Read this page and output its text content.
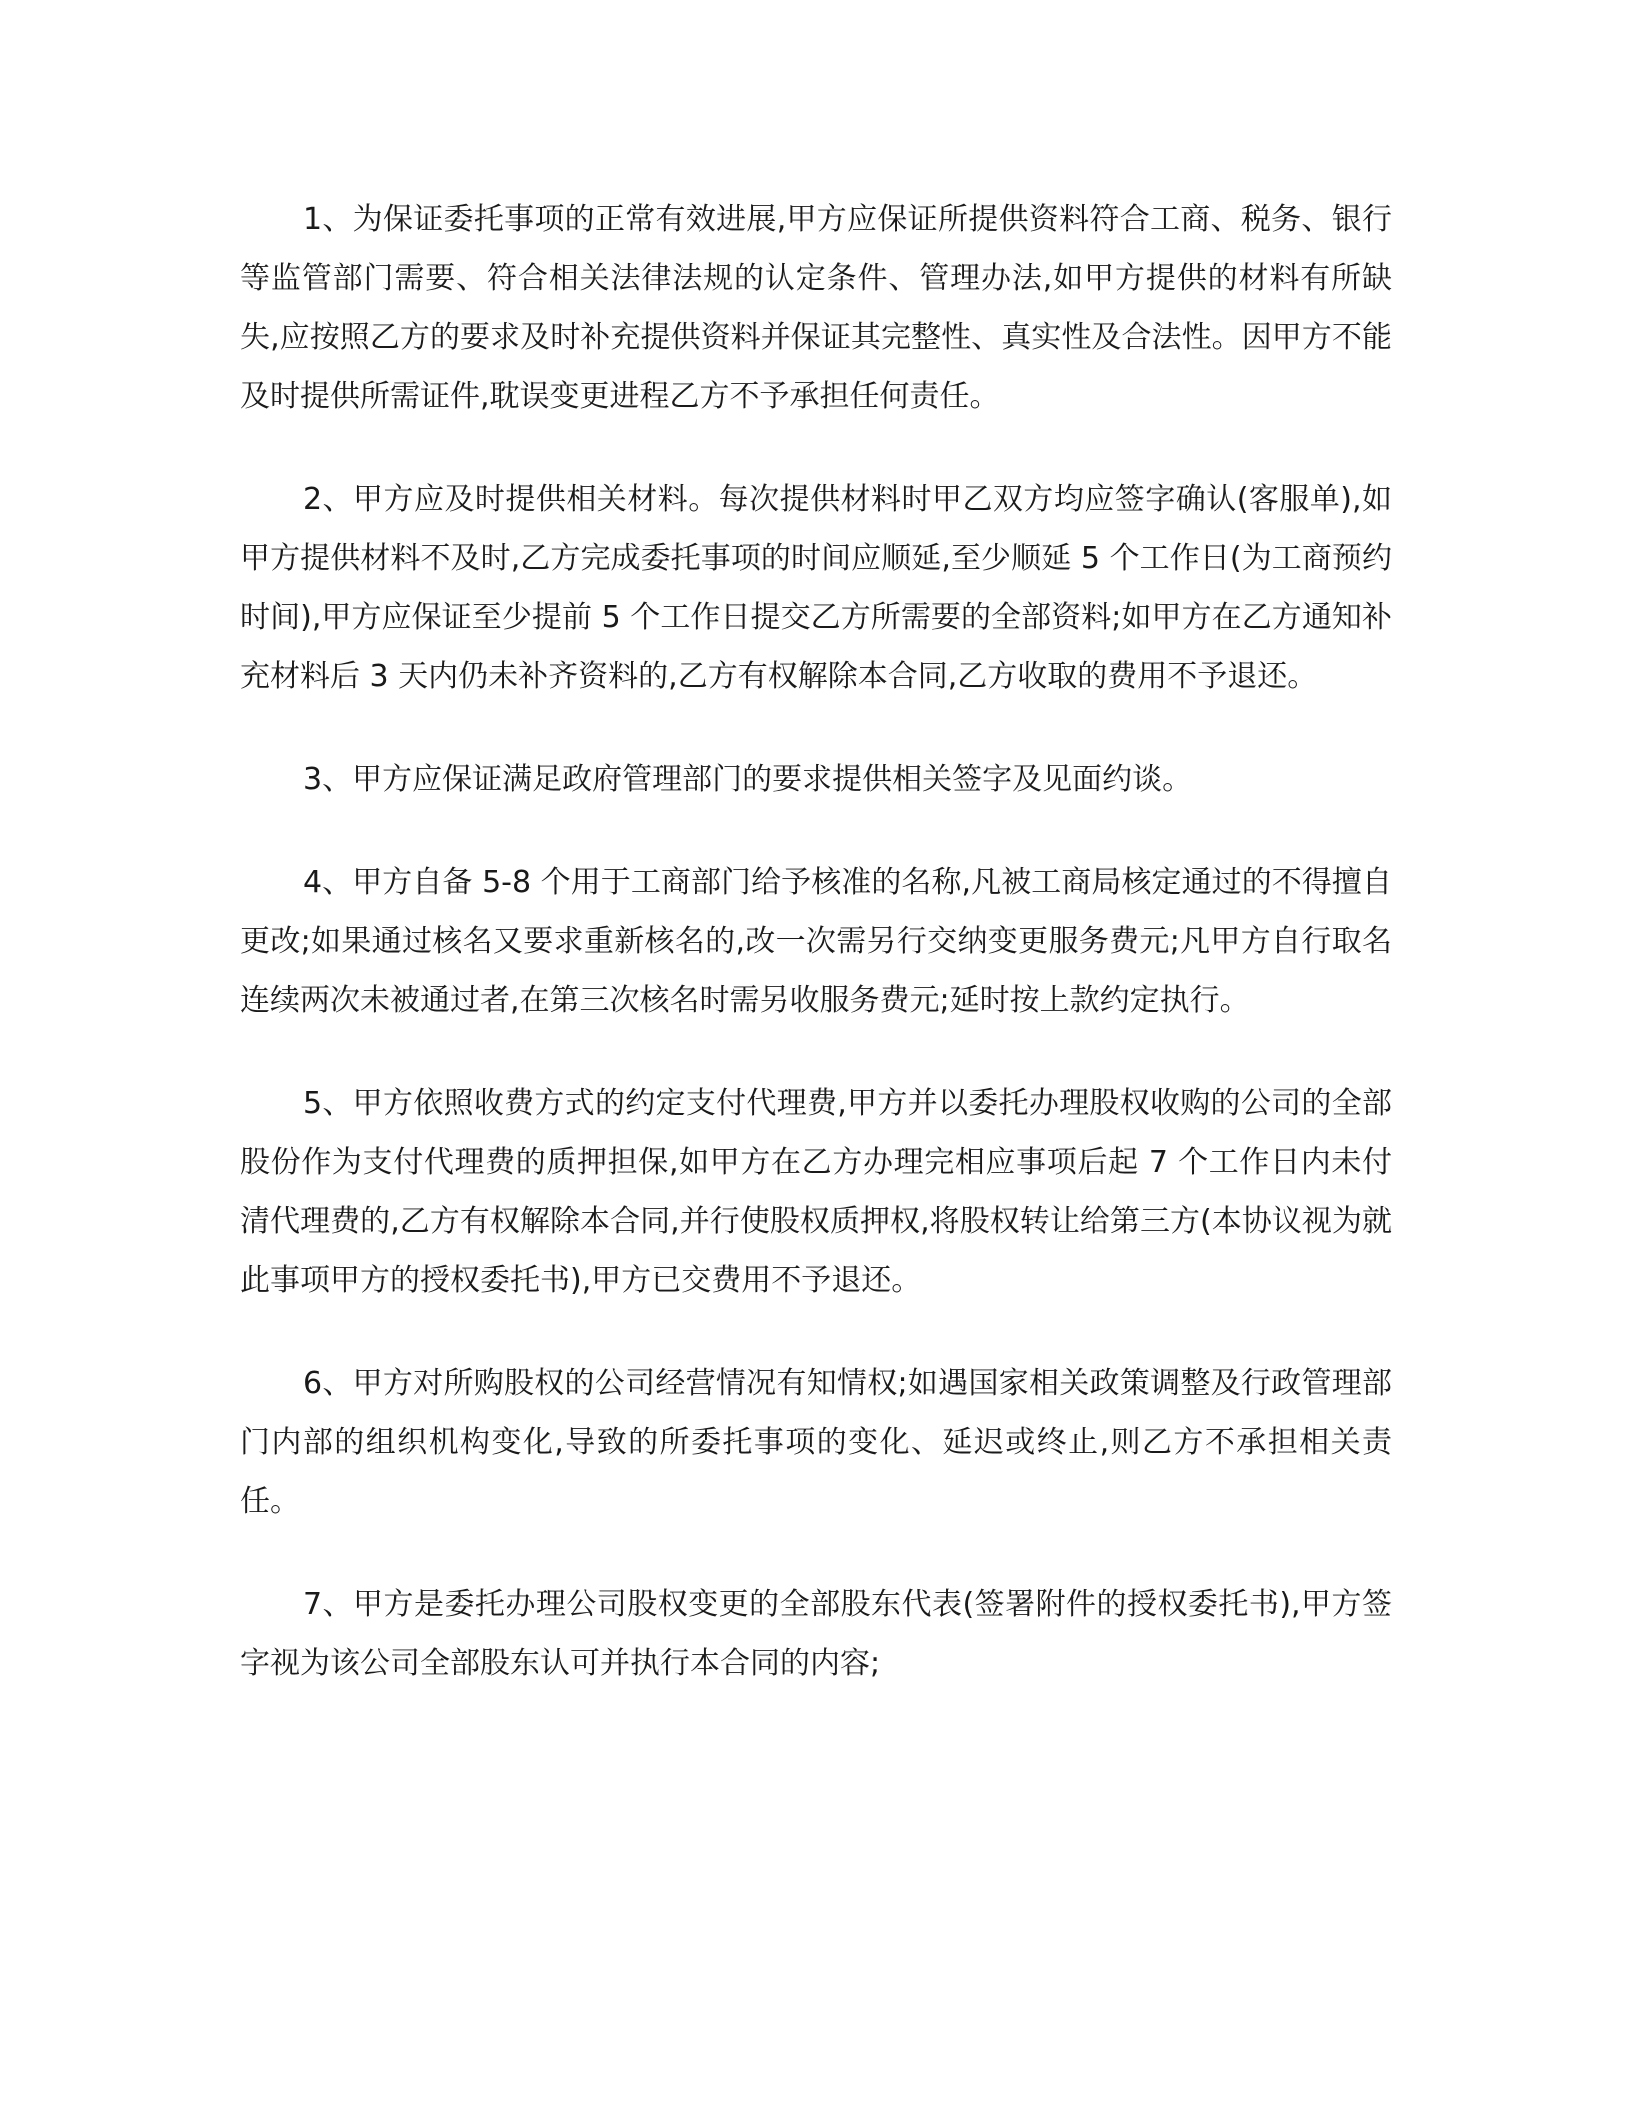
1、为保证委托事项的正常有效进展,甲方应保证所提供资料符合工商、税务、银行等监管部门需要、符合相关法律法规的认定条件、管理办法,如甲方提供的材料有所缺失,应按照乙方的要求及时补充提供资料并保证其完整性、真实性及合法性。因甲方不能及时提供所需证件,耽误变更进程乙方不予承担任何责任。

2、甲方应及时提供相关材料。每次提供材料时甲乙双方均应签字确认(客服单),如甲方提供材料不及时,乙方完成委托事项的时间应顺延,至少顺延 5 个工作日(为工商预约时间),甲方应保证至少提前 5 个工作日提交乙方所需要的全部资料;如甲方在乙方通知补充材料后 3 天内仍未补齐资料的,乙方有权解除本合同,乙方收取的费用不予退还。

3、甲方应保证满足政府管理部门的要求提供相关签字及见面约谈。

4、甲方自备 5-8 个用于工商部门给予核准的名称,凡被工商局核定通过的不得擅自更改;如果通过核名又要求重新核名的,改一次需另行交纳变更服务费元;凡甲方自行取名连续两次未被通过者,在第三次核名时需另收服务费元;延时按上款约定执行。

5、甲方依照收费方式的约定支付代理费,甲方并以委托办理股权收购的公司的全部股份作为支付代理费的质押担保,如甲方在乙方办理完相应事项后起 7 个工作日内未付清代理费的,乙方有权解除本合同,并行使股权质押权,将股权转让给第三方(本协议视为就此事项甲方的授权委托书),甲方已交费用不予退还。

6、甲方对所购股权的公司经营情况有知情权;如遇国家相关政策调整及行政管理部门内部的组织机构变化,导致的所委托事项的变化、延迟或终止,则乙方不承担相关责任。

7、甲方是委托办理公司股权变更的全部股东代表(签署附件的授权委托书),甲方签字视为该公司全部股东认可并执行本合同的内容;
